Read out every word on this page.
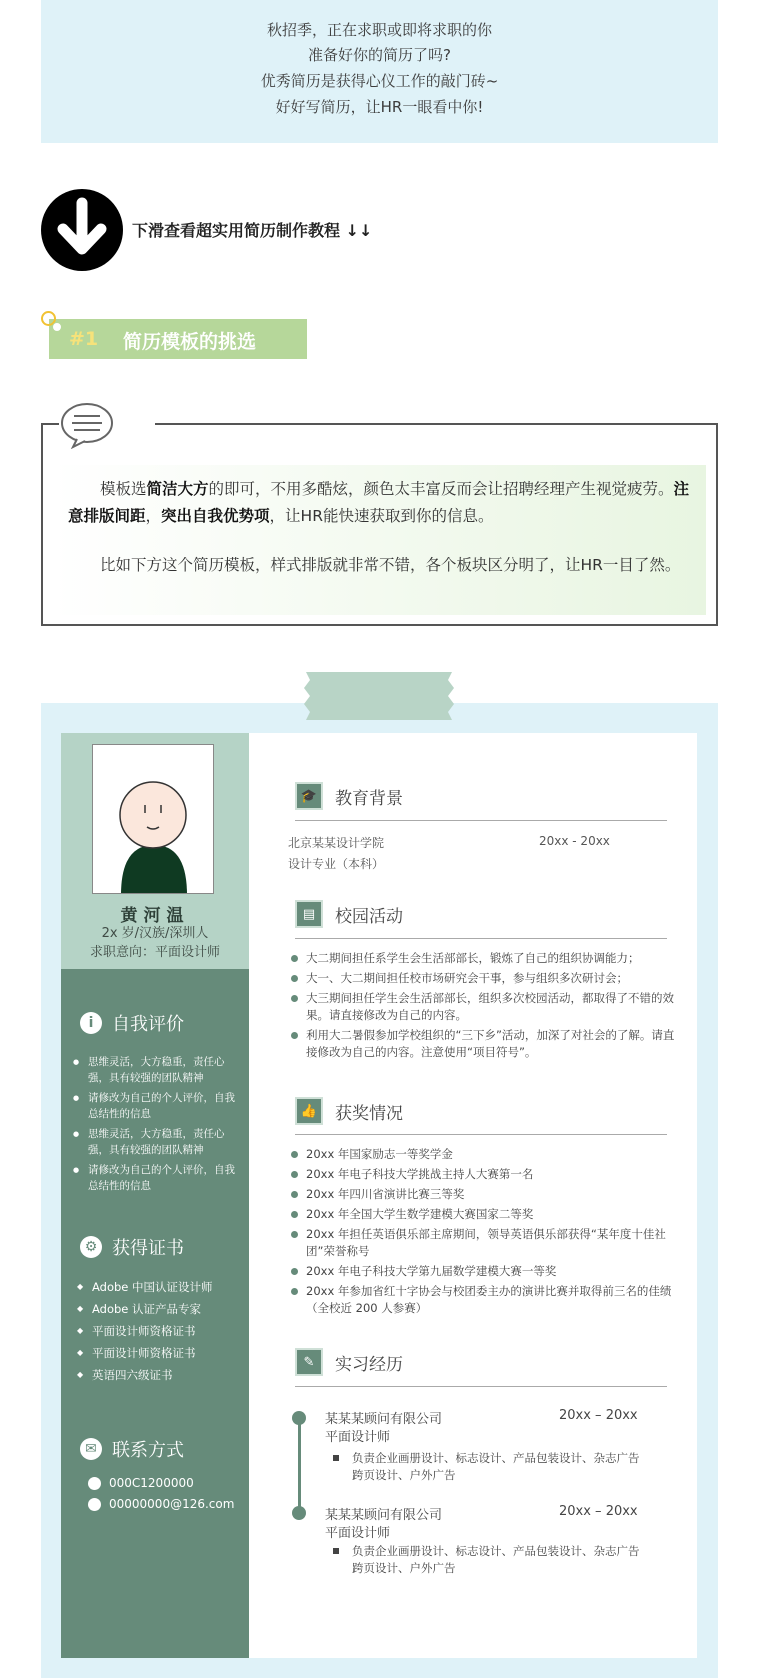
秋招季，正在求职或即将求职的你
准备好你的简历了吗?
优秀简历是获得心仪工作的敲门砖~
好好写简历，让HR一眼看中你!
下滑查看超实用简历制作教程 ↓↓
#1 简历模板的挑选
模板选简洁大方的即可，不用多酷炫，颜色太丰富反而会让招聘经理产生视觉疲劳。注意排版间距，突出自我优势项，让HR能快速获取到你的信息。
比如下方这个简历模板，样式排版就非常不错，各个板块区分明了，让HR一目了然。
黄河温
2x 岁/汉族/深圳人
求职意向：平面设计师
i	自我评价
● 思维灵活，大方稳重，责任心强，具有较强的团队精神
● 请修改为自己的个人评价，自我总结性的信息
● 思维灵活，大方稳重，责任心强，具有较强的团队精神
● 请修改为自己的个人评价，自我总结性的信息
⚙ 获得证书
◆ Adobe 中国认证设计师
◆ Adobe 认证产品专家
◆ 平面设计师资格证书
◆ 平面设计师资格证书
◆ 英语四六级证书
✉ 联系方式
000C1200000
00000000@126.com
🎓	教育背景
北京某某设计学院	20xx - 20xx
设计专业（本科）
▤	校园活动
大二期间担任系学生会生活部部长，锻炼了自己的组织协调能力；
大一、大二期间担任校市场研究会干事，参与组织多次研讨会；
大三期间担任学生会生活部部长，组织多次校园活动，都取得了不错的效果。请直接修改为自己的内容。
利用大二暑假参加学校组织的“三下乡”活动，加深了对社会的了解。请直接修改为自己的内容。注意使用“项目符号”。
👍	获奖情况
20xx 年国家励志一等奖学金
20xx 年电子科技大学挑战主持人大赛第一名
20xx 年四川省演讲比赛三等奖
20xx 年全国大学生数学建模大赛国家二等奖
20xx 年担任英语俱乐部主席期间，领导英语俱乐部获得“某年度十佳社团”荣誉称号
20xx 年电子科技大学第九届数学建模大赛一等奖
20xx 年参加省红十字协会与校团委主办的演讲比赛并取得前三名的佳绩（全校近 200 人参赛）
✎	实习经历
某某某顾问有限公司	20xx – 20xx
平面设计师
负责企业画册设计、标志设计、产品包装设计、杂志广告跨页设计、户外广告
某某某顾问有限公司	20xx – 20xx
平面设计师
负责企业画册设计、标志设计、产品包装设计、杂志广告跨页设计、户外广告
